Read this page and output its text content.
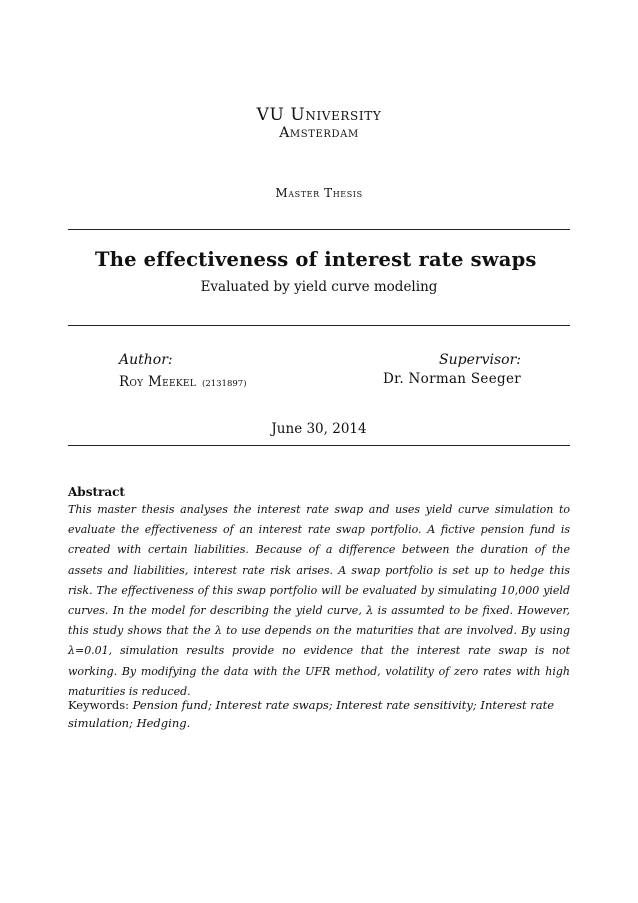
VU University
Amsterdam
Master Thesis
The effectiveness of interest rate swaps
Evaluated by yield curve modeling
Author:
Roy Meekel (2131897)
Supervisor:
Dr. Norman Seeger
June 30, 2014
Abstract
This master thesis analyses the interest rate swap and uses yield curve simulation to evaluate the effectiveness of an interest rate swap portfolio. A fictive pension fund is created with certain liabilities. Because of a difference between the duration of the assets and liabilities, interest rate risk arises. A swap portfolio is set up to hedge this risk. The effectiveness of this swap portfolio will be evaluated by simulating 10,000 yield curves. In the model for describing the yield curve, λ is assumted to be fixed. However, this study shows that the λ to use depends on the maturities that are involved. By using λ=0.01, simulation results provide no evidence that the interest rate swap is not working. By modifying the data with the UFR method, volatility of zero rates with high maturities is reduced.
Keywords: Pension fund; Interest rate swaps; Interest rate sensitivity; Interest rate simulation; Hedging.
